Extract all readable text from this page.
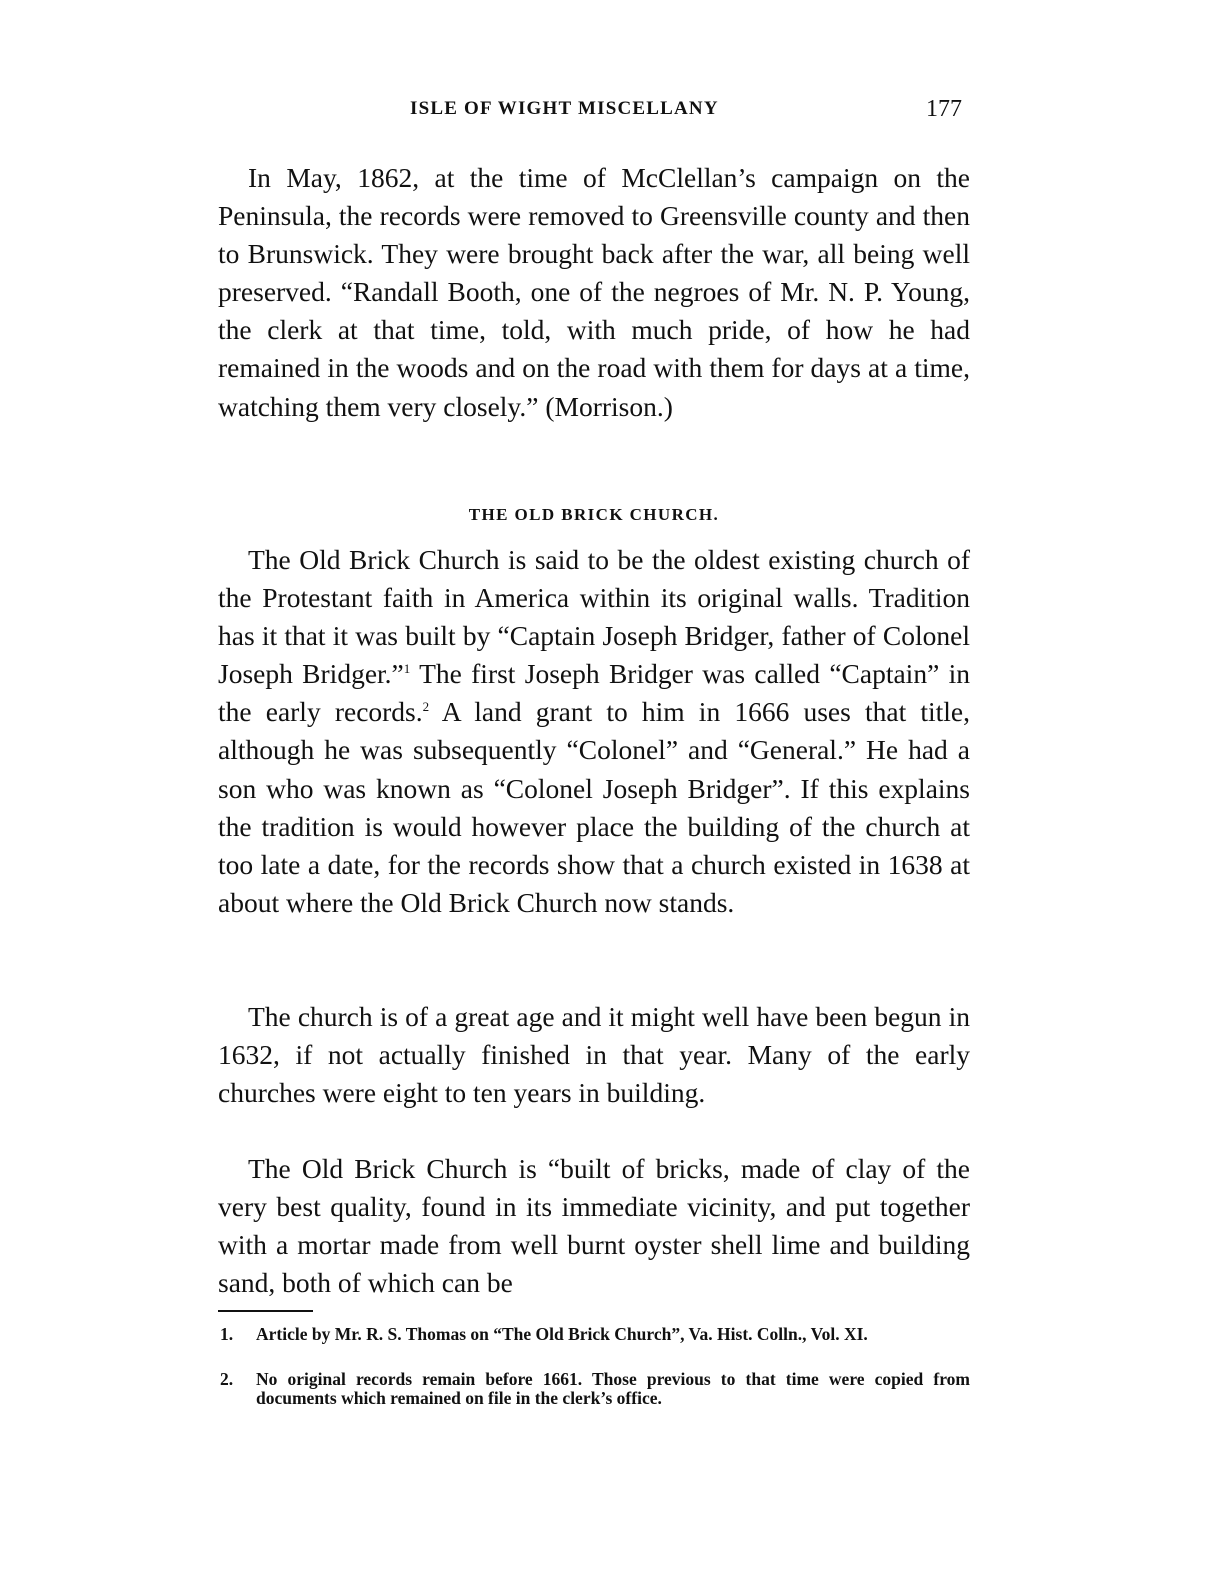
ISLE OF WIGHT MISCELLANY	177

In May, 1862, at the time of McClellan’s campaign on the Peninsula, the records were removed to Greensville county and then to Brunswick. They were brought back after the war, all being well preserved. “Randall Booth, one of the negroes of Mr. N. P. Young, the clerk at that time, told, with much pride, of how he had remained in the woods and on the road with them for days at a time, watching them very closely.” (Morrison.)

THE OLD BRICK CHURCH.

The Old Brick Church is said to be the oldest existing church of the Protestant faith in America within its original walls. Tradition has it that it was built by “Captain Joseph Bridger, father of Colonel Joseph Bridger.”$^1$ The first Joseph Bridger was called “Captain” in the early records.$^2$ A land grant to him in 1666 uses that title, although he was subsequently “Colonel” and “General.” He had a son who was known as “Colonel Joseph Bridger”. If this explains the tradition is would however place the building of the church at too late a date, for the records show that a church existed in 1638 at about where the Old Brick Church now stands.

The church is of a great age and it might well have been begun in 1632, if not actually finished in that year. Many of the early churches were eight to ten years in building.

The Old Brick Church is “built of bricks, made of clay of the very best quality, found in its immediate vicinity, and put together with a mortar made from well burnt oyster shell lime and building sand, both of which can be

1. Article by Mr. R. S. Thomas on “The Old Brick Church”, Va. Hist. Colln., Vol. XI.
2. No original records remain before 1661. Those previous to that time were copied from documents which remained on file in the clerk’s office.
